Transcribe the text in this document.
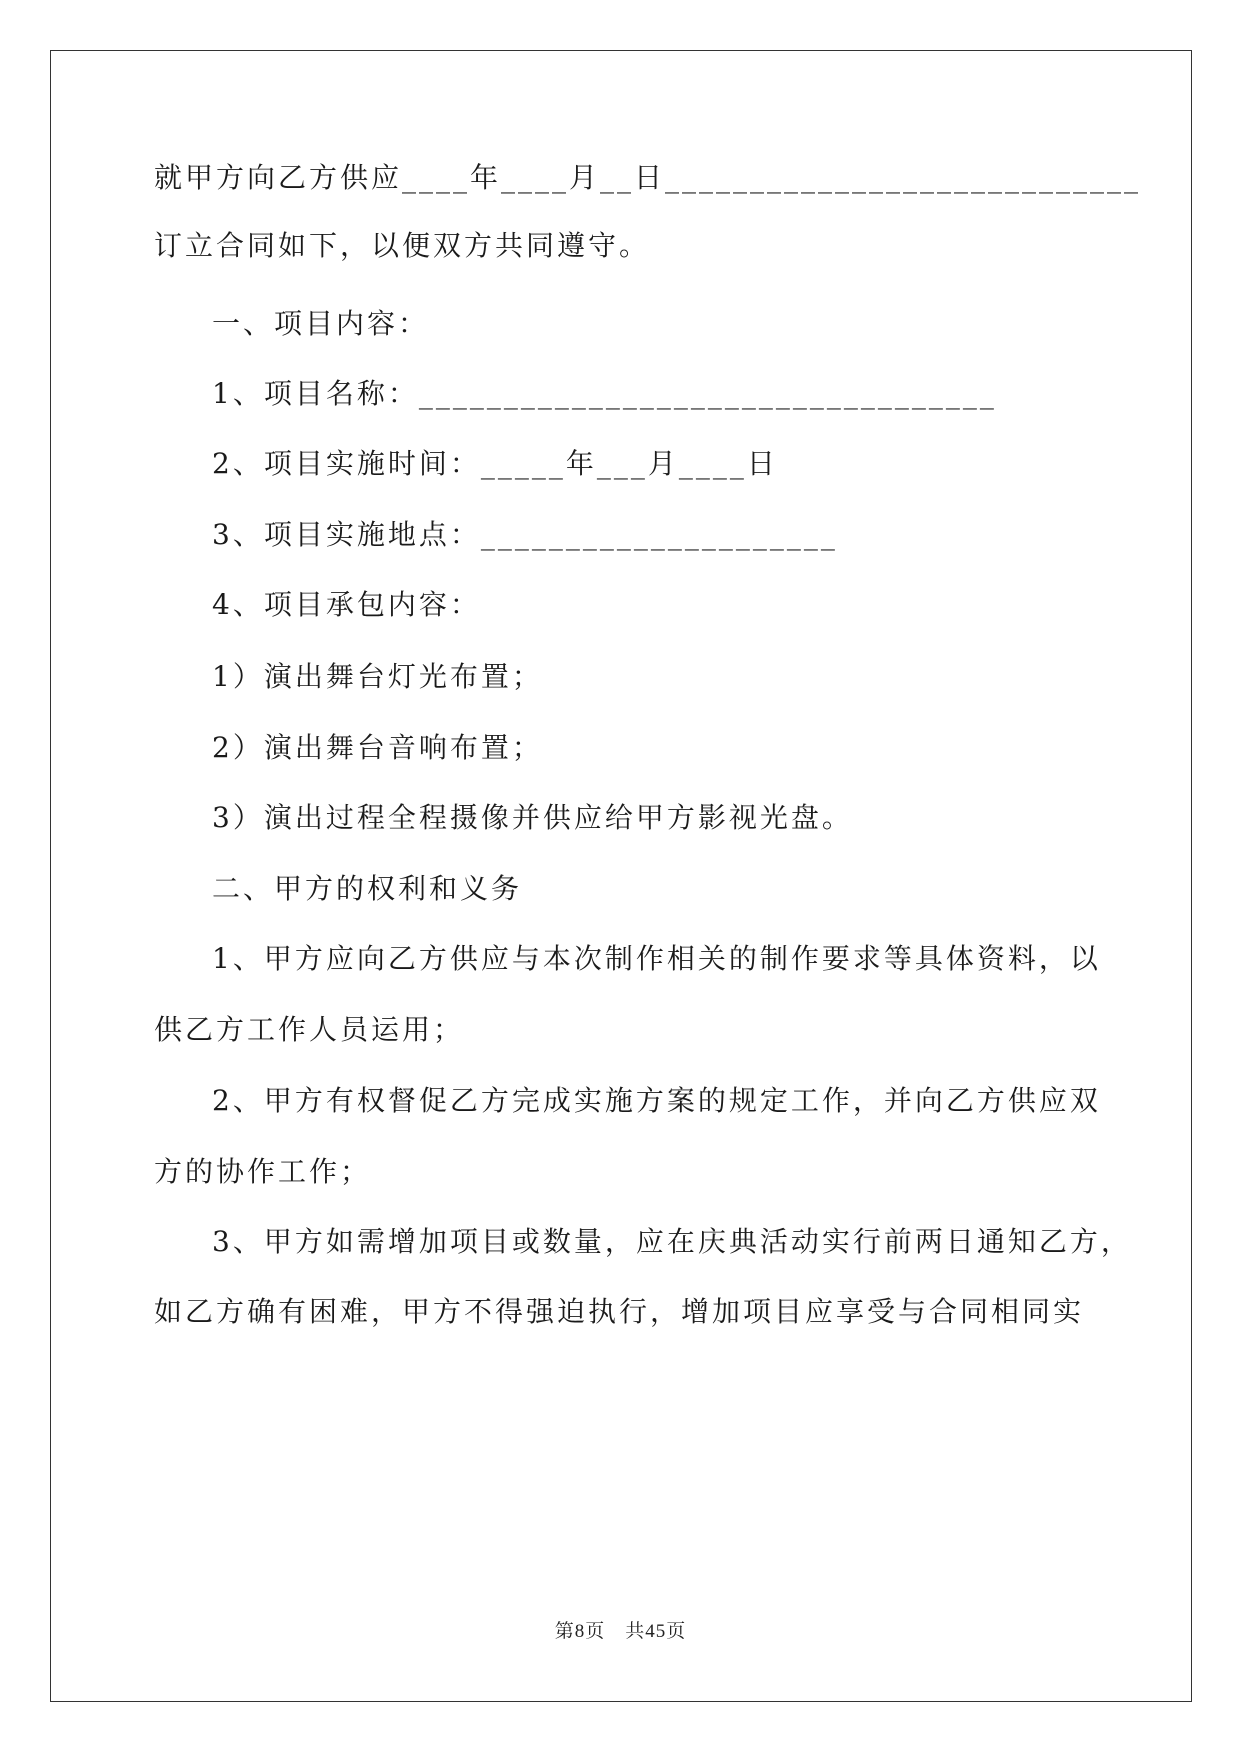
就甲方向乙方供应____年____月__日____________________________
订立合同如下，以便双方共同遵守。
一、项目内容：
1、项目名称：__________________________________
2、项目实施时间：_____年___月____日
3、项目实施地点：_____________________
4、项目承包内容：
1）演出舞台灯光布置；
2）演出舞台音响布置；
3）演出过程全程摄像并供应给甲方影视光盘。
二、甲方的权利和义务
1、甲方应向乙方供应与本次制作相关的制作要求等具体资料，以
供乙方工作人员运用；
2、甲方有权督促乙方完成实施方案的规定工作，并向乙方供应双
方的协作工作；
3、甲方如需增加项目或数量，应在庆典活动实行前两日通知乙方，
如乙方确有困难，甲方不得强迫执行，增加项目应享受与合同相同实
第8页　共45页
